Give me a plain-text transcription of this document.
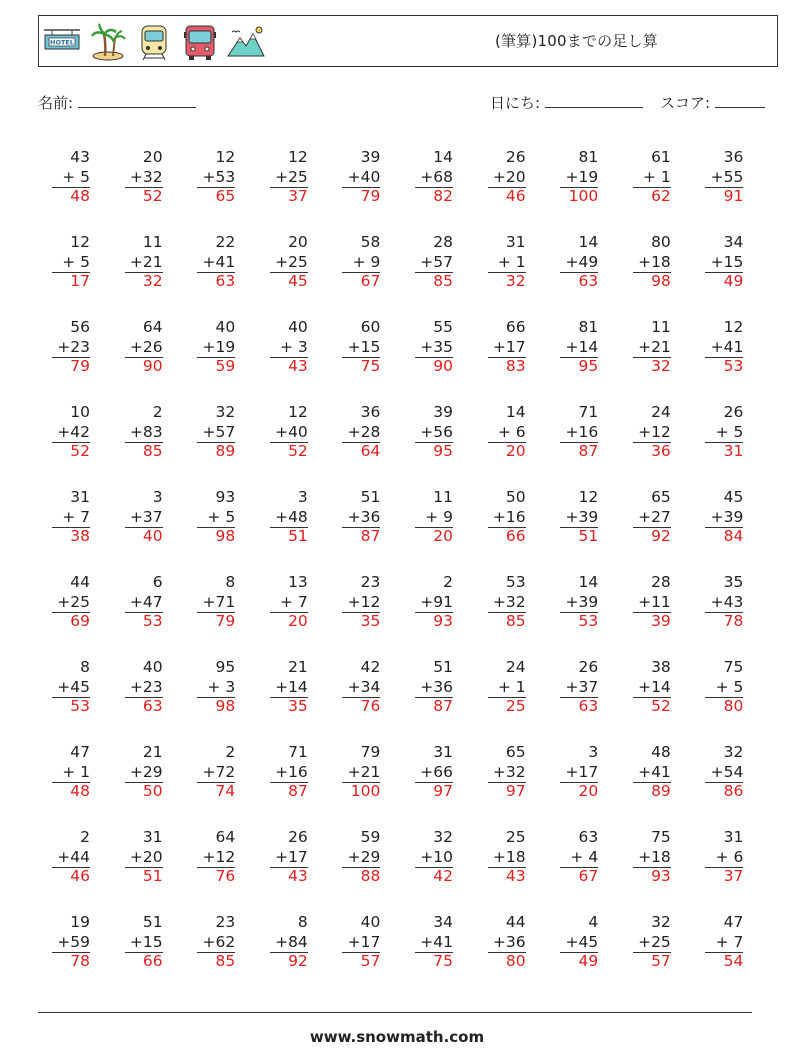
HOTEL	(筆算)100までの足し算
名前:	日にち:	スコア:
43
+ 5
48
20
+32
52
12
+53
65
12
+25
37
39
+40
79
14
+68
82
26
+20
46
81
+19
100
61
+ 1
62
36
+55
91
12
+ 5
17
11
+21
32
22
+41
63
20
+25
45
58
+ 9
67
28
+57
85
31
+ 1
32
14
+49
63
80
+18
98
34
+15
49
56
+23
79
64
+26
90
40
+19
59
40
+ 3
43
60
+15
75
55
+35
90
66
+17
83
81
+14
95
11
+21
32
12
+41
53
10
+42
52
2
+83
85
32
+57
89
12
+40
52
36
+28
64
39
+56
95
14
+ 6
20
71
+16
87
24
+12
36
26
+ 5
31
31
+ 7
38
3
+37
40
93
+ 5
98
3
+48
51
51
+36
87
11
+ 9
20
50
+16
66
12
+39
51
65
+27
92
45
+39
84
44
+25
69
6
+47
53
8
+71
79
13
+ 7
20
23
+12
35
2
+91
93
53
+32
85
14
+39
53
28
+11
39
35
+43
78
8
+45
53
40
+23
63
95
+ 3
98
21
+14
35
42
+34
76
51
+36
87
24
+ 1
25
26
+37
63
38
+14
52
75
+ 5
80
47
+ 1
48
21
+29
50
2
+72
74
71
+16
87
79
+21
100
31
+66
97
65
+32
97
3
+17
20
48
+41
89
32
+54
86
2
+44
46
31
+20
51
64
+12
76
26
+17
43
59
+29
88
32
+10
42
25
+18
43
63
+ 4
67
75
+18
93
31
+ 6
37
19
+59
78
51
+15
66
23
+62
85
8
+84
92
40
+17
57
34
+41
75
44
+36
80
4
+45
49
32
+25
57
47
+ 7
54
www.snowmath.com
